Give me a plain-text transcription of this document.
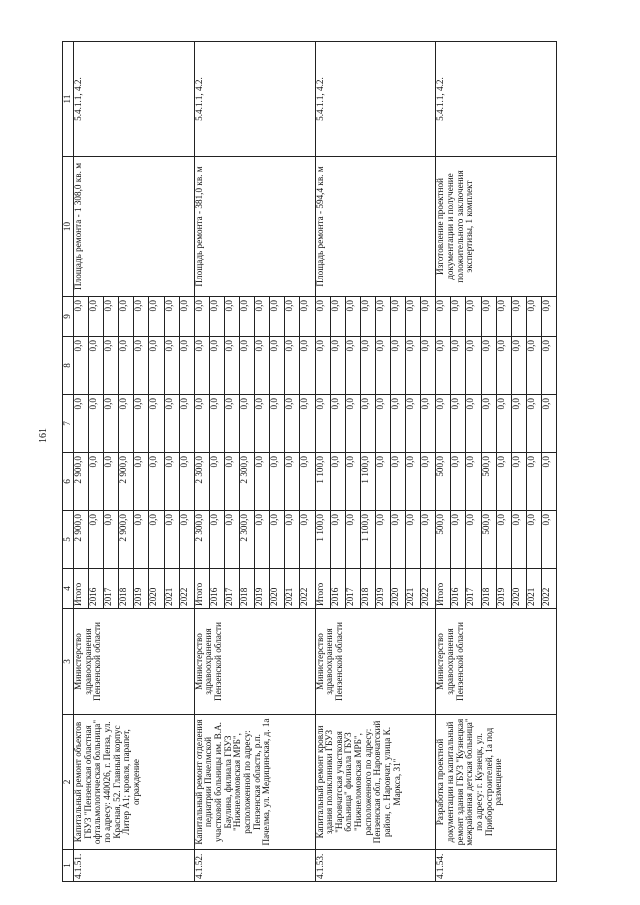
161
1	2	3	4	5	6	7	8	9	10	11
4.1.51.	Капитальный ремонт объектов ГБУЗ "Пензенская областная офтальмологическая больница" по адресу: 440026, г. Пенза, ул. Красная, 52. Главный корпус Литер А1; кровля, парапет, ограждение	Министерство здравоохранения Пензенской области	Итого	2 900,0	2 900,0	0,0	0,0	0,0	Площадь ремонта - 1 308,0 кв. м	5.4.1.1, 4.2.
			2016	0,0	0,0	0,0	0,0	0,0		
			2017	0,0	0,0	0,0	0,0	0,0		
			2018	2 900,0	2 900,0	0,0	0,0	0,0		
			2019	0,0	0,0	0,0	0,0	0,0		
			2020	0,0	0,0	0,0	0,0	0,0		
			2021	0,0	0,0	0,0	0,0	0,0		
			2022	0,0	0,0	0,0	0,0	0,0		
4.1.52.	Капитальный ремонт отделения педиатрии Пачелмской участковой больницы им. В.А. Баулина, филиала ГБУЗ "Нижнеломовская МРБ", расположенной по адресу: Пензенская область, р.п. Пачелма, ул. Медицинская, д. 1а	Министерство здравоохранения Пензенской области	Итого	2 300,0	2 300,0	0,0	0,0	0,0	Площадь ремонта - 381,0 кв. м	5.4.1.1, 4.2.
			2016	0,0	0,0	0,0	0,0	0,0		
			2017	0,0	0,0	0,0	0,0	0,0		
			2018	2 300,0	2 300,0	0,0	0,0	0,0		
			2019	0,0	0,0	0,0	0,0	0,0		
			2020	0,0	0,0	0,0	0,0	0,0		
			2021	0,0	0,0	0,0	0,0	0,0		
			2022	0,0	0,0	0,0	0,0	0,0		
4.1.53.	Капитальный ремонт кровли здания поликлиники ГБУЗ "Наровчатская участковая больница" филиала ГБУЗ "Нижнеломовская МРБ", расположенного по адресу: Пензенская обл., Наровчатский район, с. Наровчат, улица К. Маркса, 31"	Министерство здравоохранения Пензенской области	Итого	1 100,0	1 100,0	0,0	0,0	0,0	Площадь ремонта - 594,4 кв. м	5.4.1.1, 4.2.
			2016	0,0	0,0	0,0	0,0	0,0		
			2017	0,0	0,0	0,0	0,0	0,0		
			2018	1 100,0	1 100,0	0,0	0,0	0,0		
			2019	0,0	0,0	0,0	0,0	0,0		
			2020	0,0	0,0	0,0	0,0	0,0		
			2021	0,0	0,0	0,0	0,0	0,0		
			2022	0,0	0,0	0,0	0,0	0,0		
4.1.54.	Разработка проектной документации на капитальный ремонт здания ГБУЗ "Кузнецкая межрайонная детская больница" по адресу: г. Кузнецк, ул. Приборостроителей, 1а под размещение	Министерство здравоохранения Пензенской области	Итого	500,0	500,0	0,0	0,0	0,0	Изготовление проектной документации и получение положительного заключения экспертизы, 1 комплект	5.4.1.1, 4.2.
			2016	0,0	0,0	0,0	0,0	0,0		
			2017	0,0	0,0	0,0	0,0	0,0		
			2018	500,0	500,0	0,0	0,0	0,0		
			2019	0,0	0,0	0,0	0,0	0,0		
			2020	0,0	0,0	0,0	0,0	0,0		
			2021	0,0	0,0	0,0	0,0	0,0		
			2022	0,0	0,0	0,0	0,0	0,0		
